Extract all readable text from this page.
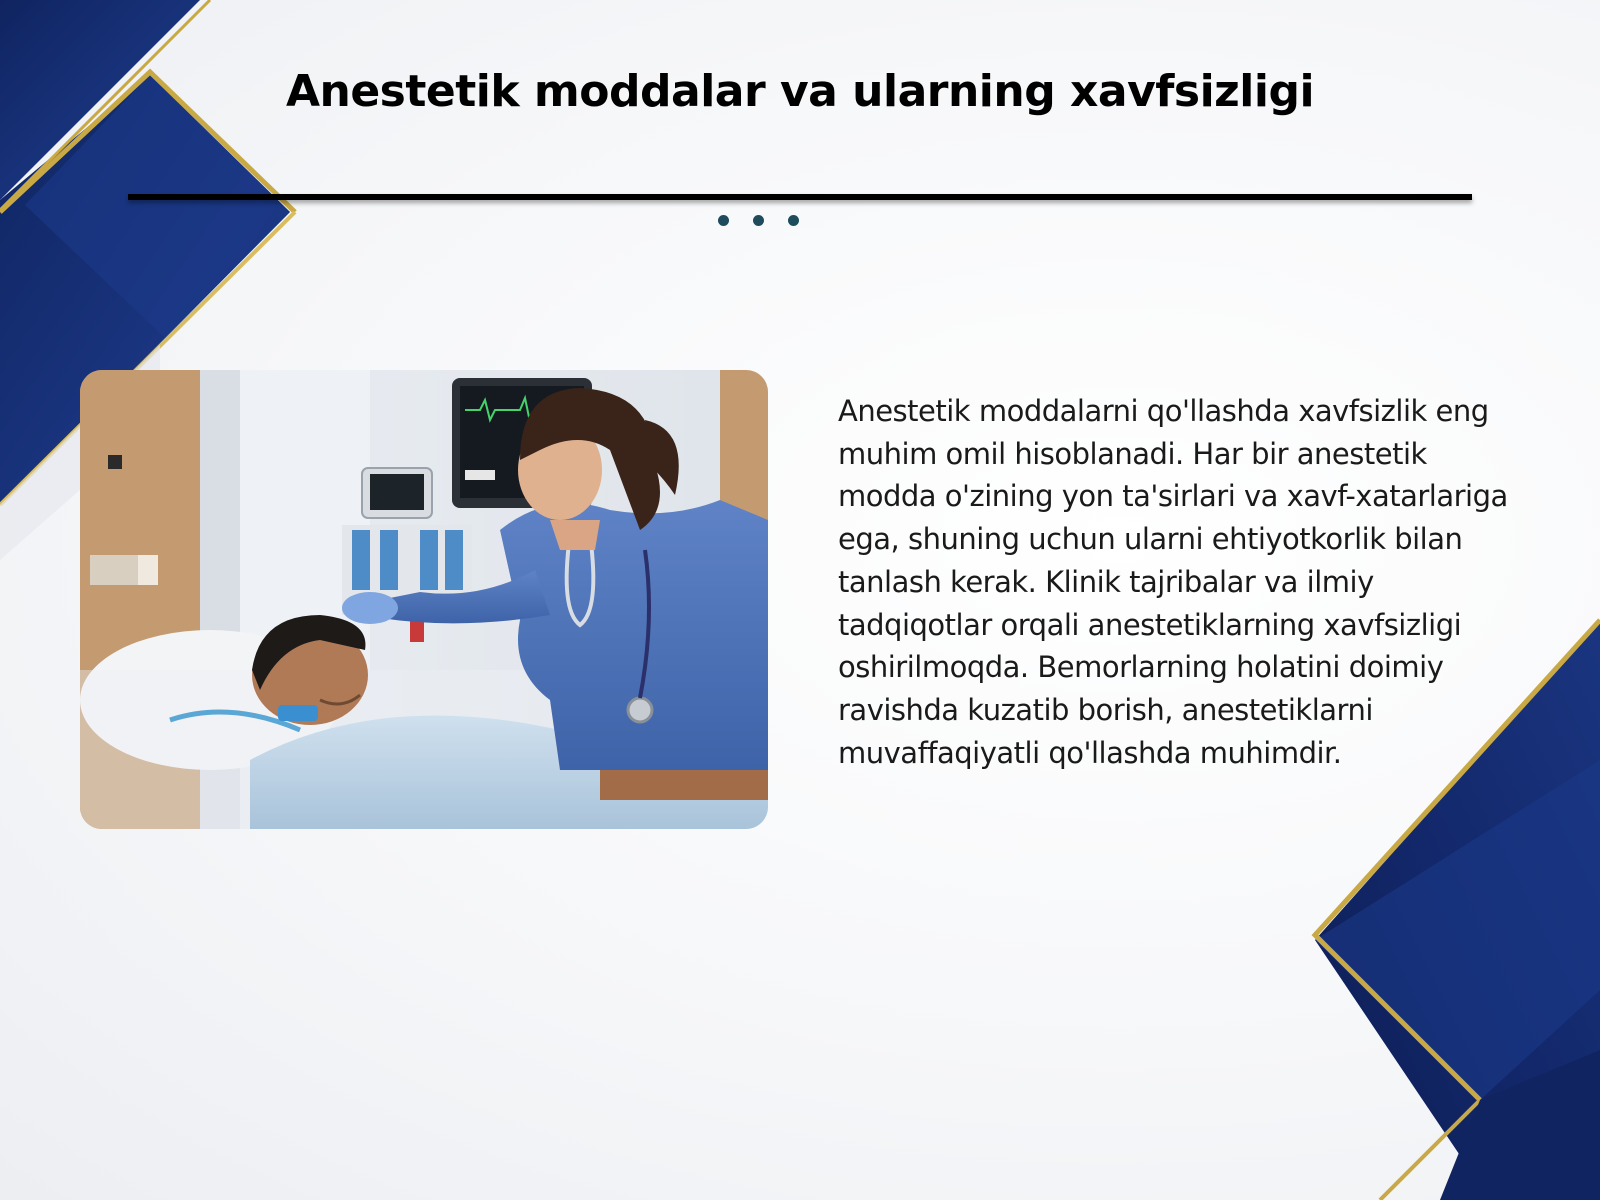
Anestetik moddalar va ularning xavfsizligi

Anestetik moddalarni qo'llashda xavfsizlik eng muhim omil hisoblanadi. Har bir anestetik modda o'zining yon ta'sirlari va xavf-xatarlariga ega, shuning uchun ularni ehtiyotkorlik bilan tanlash kerak. Klinik tajribalar va ilmiy tadqiqotlar orqali anestetiklarning xavfsizligi oshirilmoqda. Bemorlarning holatini doimiy ravishda kuzatib borish, anestetiklarni muvaffaqiyatli qo'llashda muhimdir.
